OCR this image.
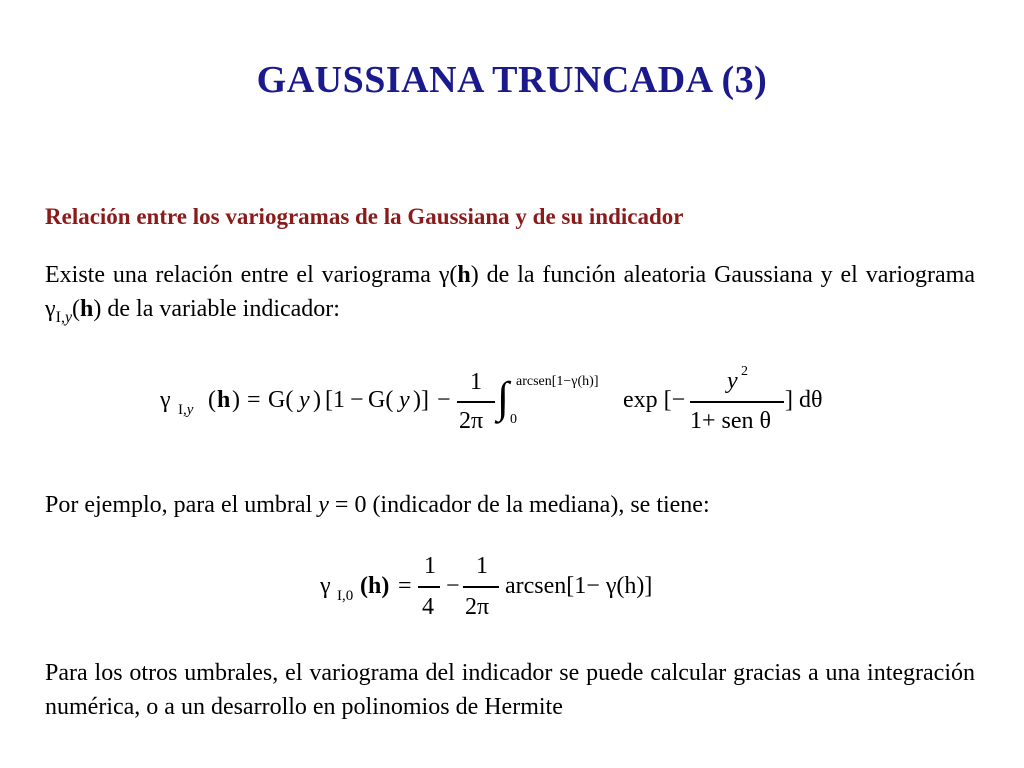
GAUSSIANA TRUNCADA (3)
Relación entre los variogramas de la Gaussiana y de su indicador
Existe una relación entre el variograma γ(h) de la función aleatoria Gaussiana y el variograma $\gamma_{I,y}(h)$ de la variable indicador:
γ I,y ( h ) = G( y ) [1 − G( y )] −
1
2π ∫ arcsen[1−γ(h)]
0
exp [−
y 2
1+ sen θ
] dθ
Por ejemplo, para el umbral y = 0 (indicador de la mediana), se tiene:
γ I,0 (h) =
1
4
−
1
2π
arcsen[1− γ(h)]
Para los otros umbrales, el variograma del indicador se puede calcular gracias a una integración numérica, o a un desarrollo en polinomios de Hermite
